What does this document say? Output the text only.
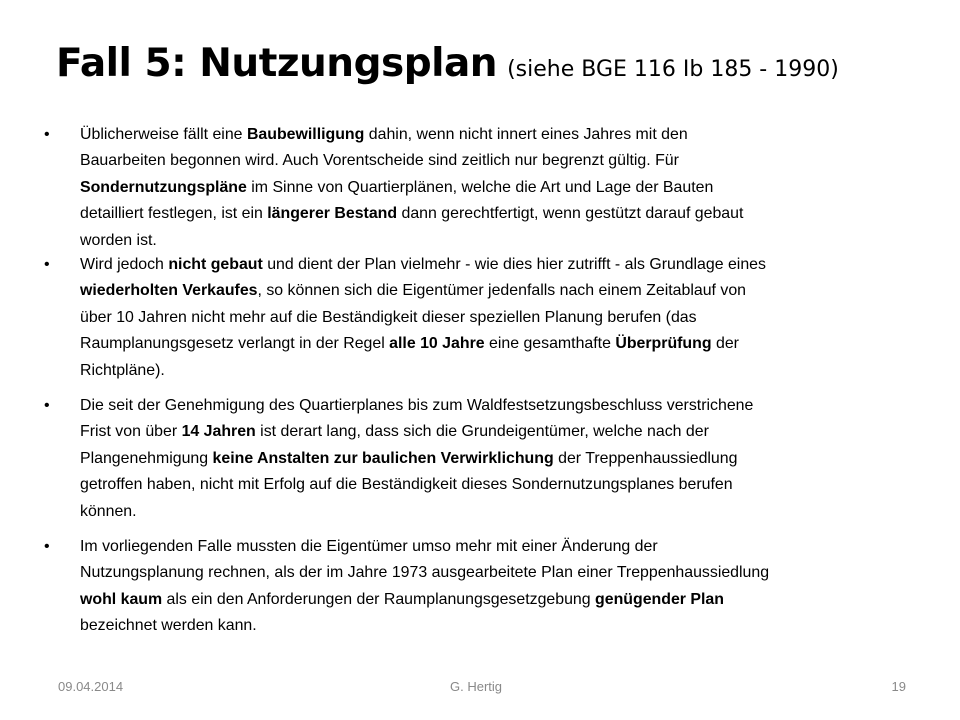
Fall 5: Nutzungsplan (siehe BGE 116 Ib 185 - 1990)
•	Üblicherweise fällt eine Baubewilligung dahin, wenn nicht innert eines Jahres mit den
Bauarbeiten begonnen wird. Auch Vorentscheide sind zeitlich nur begrenzt gültig. Für
Sondernutzungspläne im Sinne von Quartierplänen, welche die Art und Lage der Bauten
detailliert festlegen, ist ein längerer Bestand dann gerechtfertigt, wenn gestützt darauf gebaut
worden ist.
•	Wird jedoch nicht gebaut und dient der Plan vielmehr - wie dies hier zutrifft - als Grundlage eines
wiederholten Verkaufes, so können sich die Eigentümer jedenfalls nach einem Zeitablauf von
über 10 Jahren nicht mehr auf die Beständigkeit dieser speziellen Planung berufen (das
Raumplanungsgesetz verlangt in der Regel alle 10 Jahre eine gesamthafte Überprüfung der
Richtpläne).
•	Die seit der Genehmigung des Quartierplanes bis zum Waldfestsetzungsbeschluss verstrichene
Frist von über 14 Jahren ist derart lang, dass sich die Grundeigentümer, welche nach der
Plangenehmigung keine Anstalten zur baulichen Verwirklichung der Treppenhaussiedlung
getroffen haben, nicht mit Erfolg auf die Beständigkeit dieses Sondernutzungsplanes berufen
können.
•	Im vorliegenden Falle mussten die Eigentümer umso mehr mit einer Änderung der
Nutzungsplanung rechnen, als der im Jahre 1973 ausgearbeitete Plan einer Treppenhaussiedlung
wohl kaum als ein den Anforderungen der Raumplanungsgesetzgebung genügender Plan
bezeichnet werden kann.
09.04.2014	G. Hertig	19
